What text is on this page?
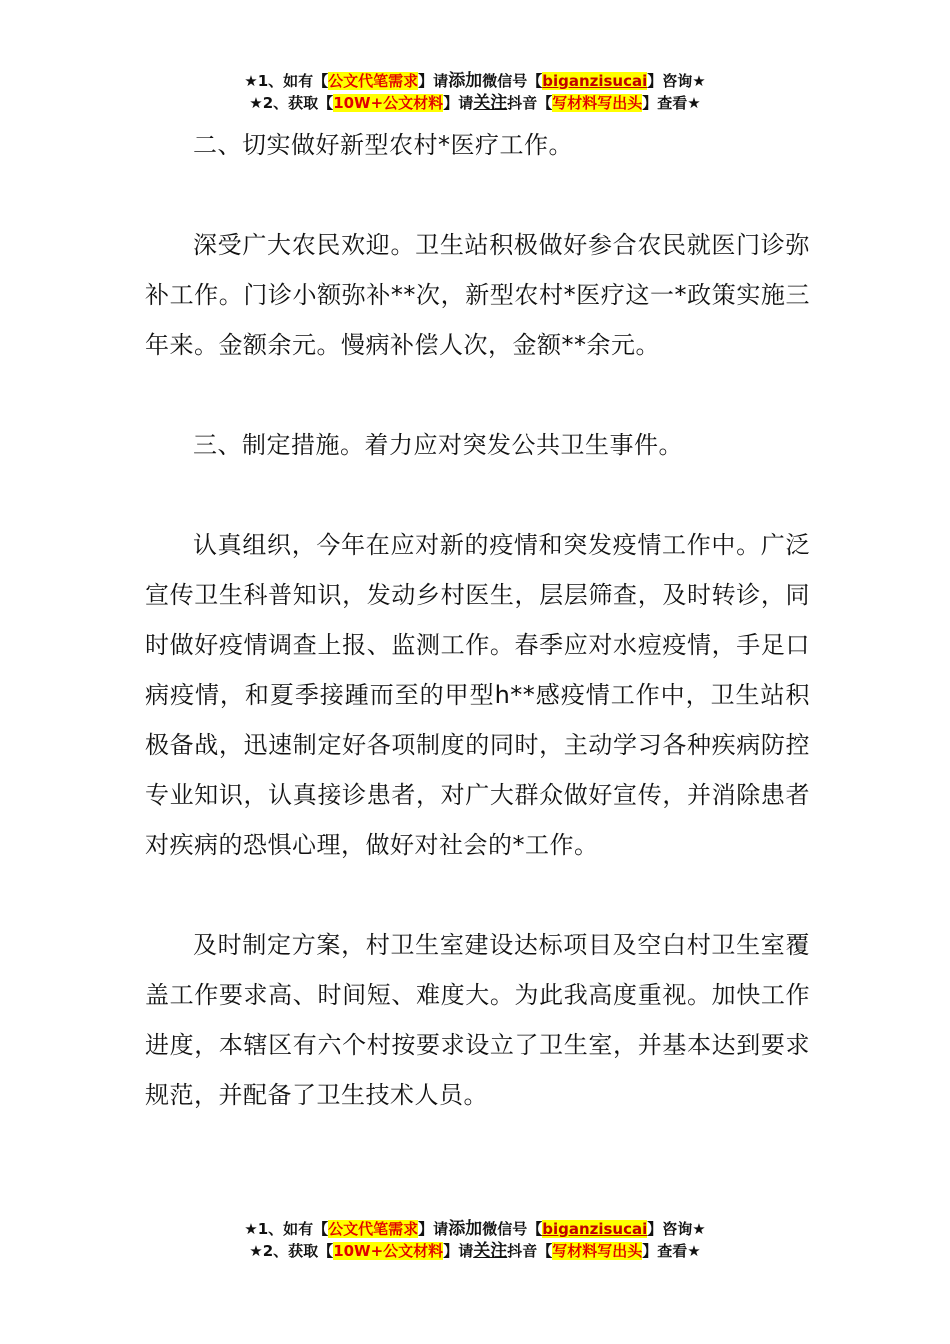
★1、如有【公文代笔需求】请添加微信号【biganzisucai】咨询★
★2、获取【10W+公文材料】请关注抖音【写材料写出头】查看★

二、切实做好新型农村*医疗工作。

深受广大农民欢迎。卫生站积极做好参合农民就医门诊弥补工作。门诊小额弥补**次，新型农村*医疗这一*政策实施三年来。金额余元。慢病补偿人次，金额**余元。

三、制定措施。着力应对突发公共卫生事件。

认真组织，今年在应对新的疫情和突发疫情工作中。广泛宣传卫生科普知识，发动乡村医生，层层筛查，及时转诊，同时做好疫情调查上报、监测工作。春季应对水痘疫情，手足口病疫情，和夏季接踵而至的甲型h**感疫情工作中，卫生站积极备战，迅速制定好各项制度的同时，主动学习各种疾病防控专业知识，认真接诊患者，对广大群众做好宣传，并消除患者对疾病的恐惧心理，做好对社会的*工作。

及时制定方案，村卫生室建设达标项目及空白村卫生室覆盖工作要求高、时间短、难度大。为此我高度重视。加快工作进度，本辖区有六个村按要求设立了卫生室，并基本达到要求规范，并配备了卫生技术人员。

★1、如有【公文代笔需求】请添加微信号【biganzisucai】咨询★
★2、获取【10W+公文材料】请关注抖音【写材料写出头】查看★
